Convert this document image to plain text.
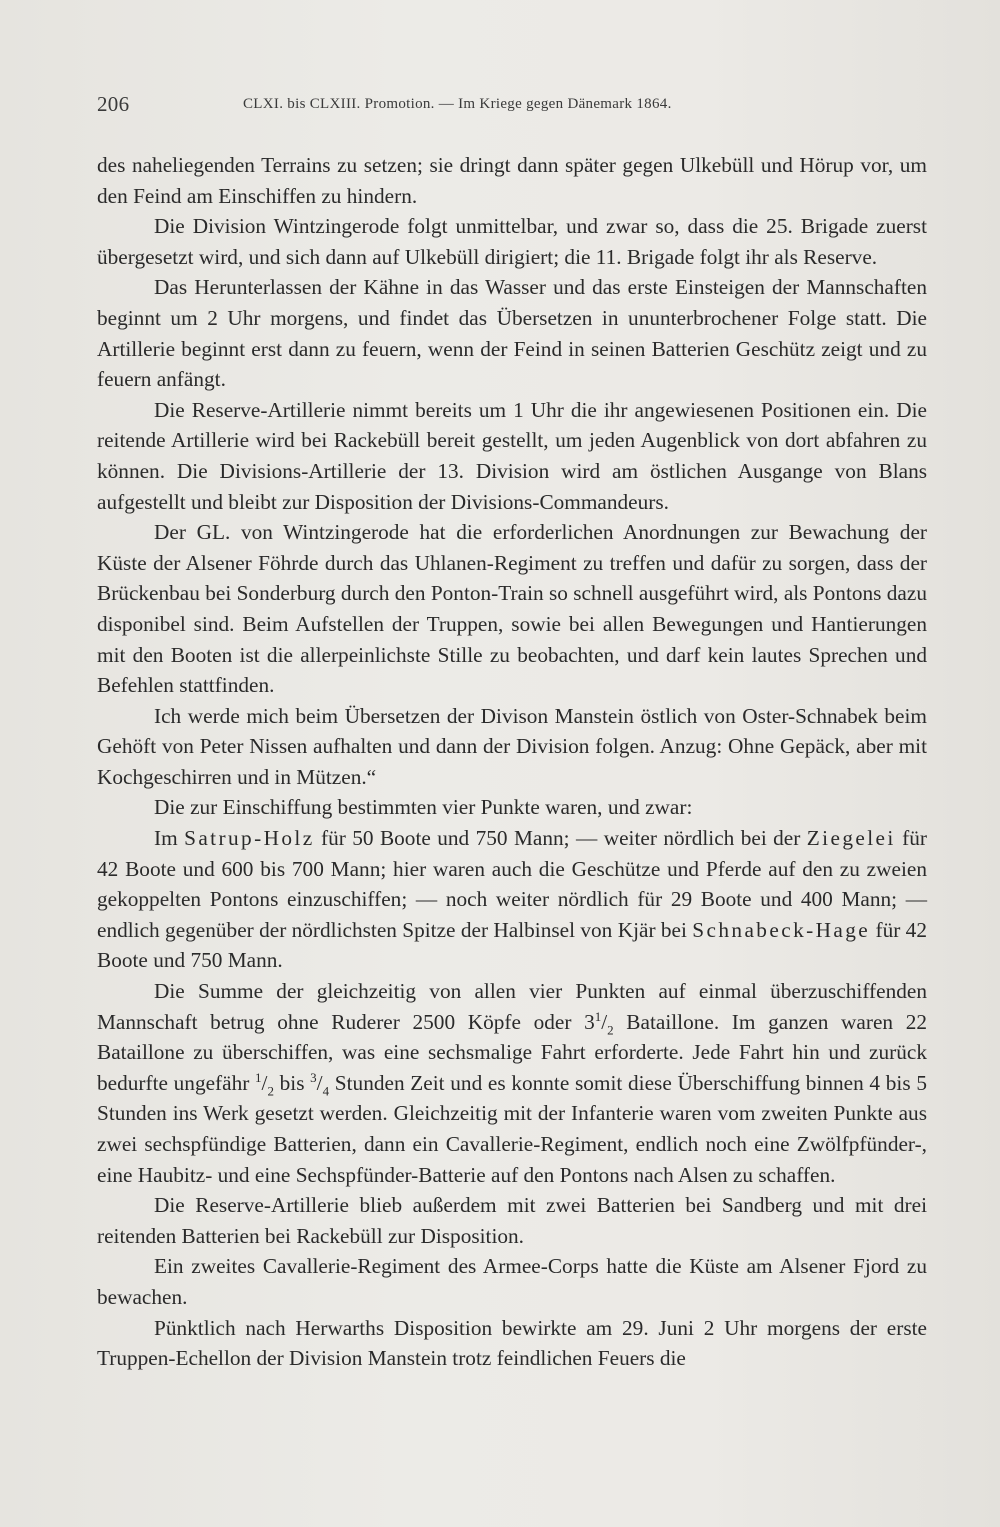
206	CLXI. bis CLXIII. Promotion. — Im Kriege gegen Dänemark 1864.

des naheliegenden Terrains zu setzen; sie dringt dann später gegen Ulkebüll und Hörup vor, um den Feind am Einschiffen zu hindern.

Die Division Wintzingerode folgt unmittelbar, und zwar so, dass die 25. Brigade zuerst übergesetzt wird, und sich dann auf Ulkebüll dirigiert; die 11. Brigade folgt ihr als Reserve.

Das Herunterlassen der Kähne in das Wasser und das erste Einsteigen der Mannschaften beginnt um 2 Uhr morgens, und findet das Übersetzen in ununterbrochener Folge statt. Die Artillerie beginnt erst dann zu feuern, wenn der Feind in seinen Batterien Geschütz zeigt und zu feuern anfängt.

Die Reserve-Artillerie nimmt bereits um 1 Uhr die ihr angewiesenen Positionen ein. Die reitende Artillerie wird bei Rackebüll bereit gestellt, um jeden Augenblick von dort abfahren zu können. Die Divisions-Artillerie der 13. Division wird am östlichen Ausgange von Blans aufgestellt und bleibt zur Disposition der Divisions-Commandeurs.

Der GL. von Wintzingerode hat die erforderlichen Anordnungen zur Bewachung der Küste der Alsener Föhrde durch das Uhlanen-Regiment zu treffen und dafür zu sorgen, dass der Brückenbau bei Sonderburg durch den Ponton-Train so schnell ausgeführt wird, als Pontons dazu disponibel sind. Beim Aufstellen der Truppen, sowie bei allen Bewegungen und Hantierungen mit den Booten ist die allerpeinlichste Stille zu beobachten, und darf kein lautes Sprechen und Befehlen stattfinden.

Ich werde mich beim Übersetzen der Divison Manstein östlich von Oster-Schnabek beim Gehöft von Peter Nissen aufhalten und dann der Division folgen. Anzug: Ohne Gepäck, aber mit Kochgeschirren und in Mützen.“

Die zur Einschiffung bestimmten vier Punkte waren, und zwar:

Im Satrup-Holz für 50 Boote und 750 Mann; — weiter nördlich bei der Ziegelei für 42 Boote und 600 bis 700 Mann; hier waren auch die Geschütze und Pferde auf den zu zweien gekoppelten Pontons einzuschiffen; — noch weiter nördlich für 29 Boote und 400 Mann; — endlich gegenüber der nördlichsten Spitze der Halbinsel von Kjär bei Schnabeck-Hage für 42 Boote und 750 Mann.

Die Summe der gleichzeitig von allen vier Punkten auf einmal überzuschiffenden Mannschaft betrug ohne Ruderer 2500 Köpfe oder $3^1/_2$ Bataillone. Im ganzen waren 22 Bataillone zu überschiffen, was eine sechsmalige Fahrt erforderte. Jede Fahrt hin und zurück bedurfte ungefähr $^1/_2$ bis $^3/_4$ Stunden Zeit und es konnte somit diese Überschiffung binnen 4 bis 5 Stunden ins Werk gesetzt werden. Gleichzeitig mit der Infanterie waren vom zweiten Punkte aus zwei sechspfündige Batterien, dann ein Cavallerie-Regiment, endlich noch eine Zwölfpfünder-, eine Haubitz- und eine Sechspfünder-Batterie auf den Pontons nach Alsen zu schaffen.

Die Reserve-Artillerie blieb außerdem mit zwei Batterien bei Sandberg und mit drei reitenden Batterien bei Rackebüll zur Disposition.

Ein zweites Cavallerie-Regiment des Armee-Corps hatte die Küste am Alsener Fjord zu bewachen.

Pünktlich nach Herwarths Disposition bewirkte am 29. Juni 2 Uhr morgens der erste Truppen-Echellon der Division Manstein trotz feindlichen Feuers die
